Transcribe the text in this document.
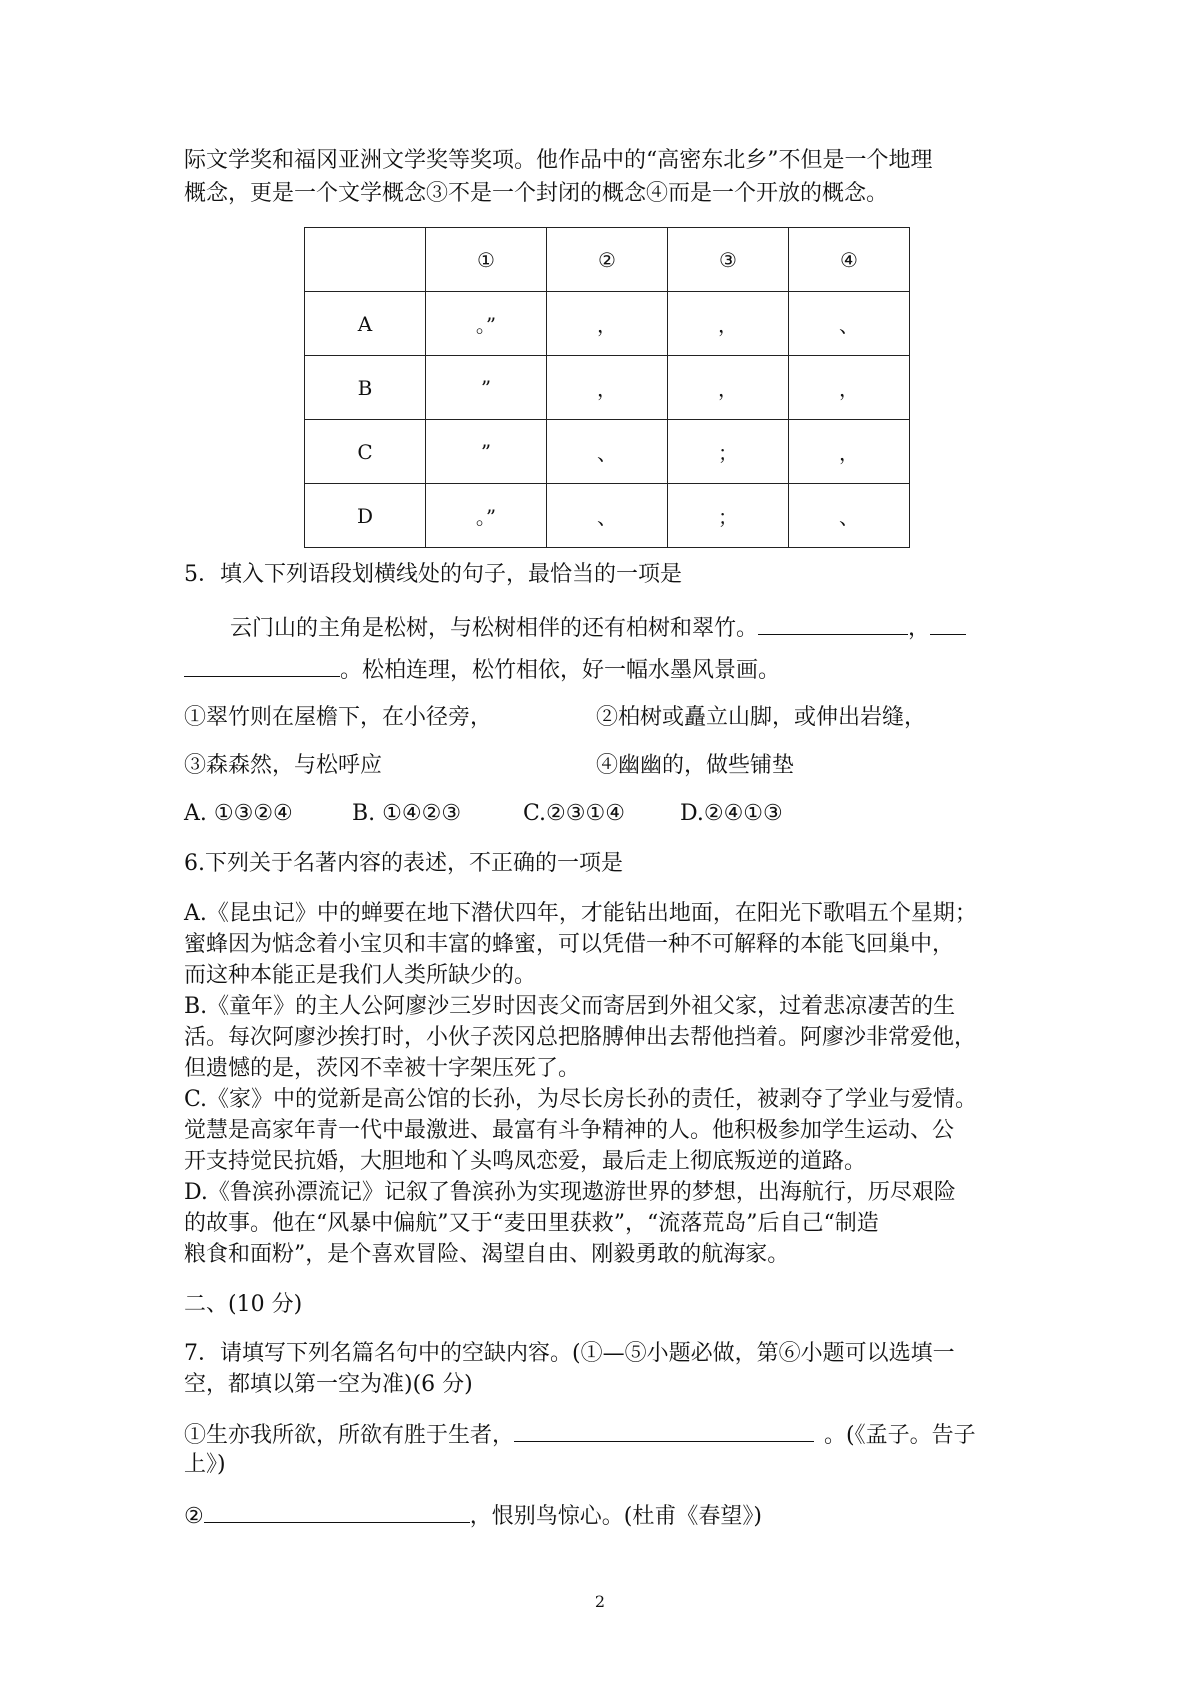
际文学奖和福冈亚洲文学奖等奖项。他作品中的“高密东北乡”不但是一个地理
概念，更是一个文学概念③不是一个封闭的概念④而是一个开放的概念。
	①	②	③	④
A	。”	，	，	、
B	”	，	，	，
C	”	、	；	，
D	。”	、	；	、
5．填入下列语段划横线处的句子，最恰当的一项是
云门山的主角是松树，与松树相伴的还有柏树和翠竹。	，
。松柏连理，松竹相依，好一幅水墨风景画。
①翠竹则在屋檐下，在小径旁，	②柏树或矗立山脚，或伸出岩缝，
③森森然，与松呼应	④幽幽的，做些铺垫
A. ①③②④	B. ①④②③	C.②③①④	D.②④①③
6.下列关于名著内容的表述，不正确的一项是
A.《昆虫记》中的蝉要在地下潜伏四年，才能钻出地面，在阳光下歌唱五个星期；
蜜蜂因为惦念着小宝贝和丰富的蜂蜜，可以凭借一种不可解释的本能飞回巢中，
而这种本能正是我们人类所缺少的。
B.《童年》的主人公阿廖沙三岁时因丧父而寄居到外祖父家，过着悲凉凄苦的生
活。每次阿廖沙挨打时，小伙子茨冈总把胳膊伸出去帮他挡着。阿廖沙非常爱他，
但遗憾的是，茨冈不幸被十字架压死了。
C.《家》中的觉新是高公馆的长孙，为尽长房长孙的责任，被剥夺了学业与爱情。
觉慧是高家年青一代中最激进、最富有斗争精神的人。他积极参加学生运动、公
开支持觉民抗婚，大胆地和丫头鸣凤恋爱，最后走上彻底叛逆的道路。
D.《鲁滨孙漂流记》记叙了鲁滨孙为实现遨游世界的梦想，出海航行，历尽艰险
的故事。他在“风暴中偏航”又于“麦田里获救”，“流落荒岛”后自己“制造
粮食和面粉”，是个喜欢冒险、渴望自由、刚毅勇敢的航海家。
二、(10 分)
7．请填写下列名篇名句中的空缺内容。(①—⑤小题必做，第⑥小题可以选填一
空，都填以第一空为准)(6 分)
①生亦我所欲，所欲有胜于生者，	。(《孟子。告子
上》)
②	，恨别鸟惊心。(杜甫《春望》)
2
